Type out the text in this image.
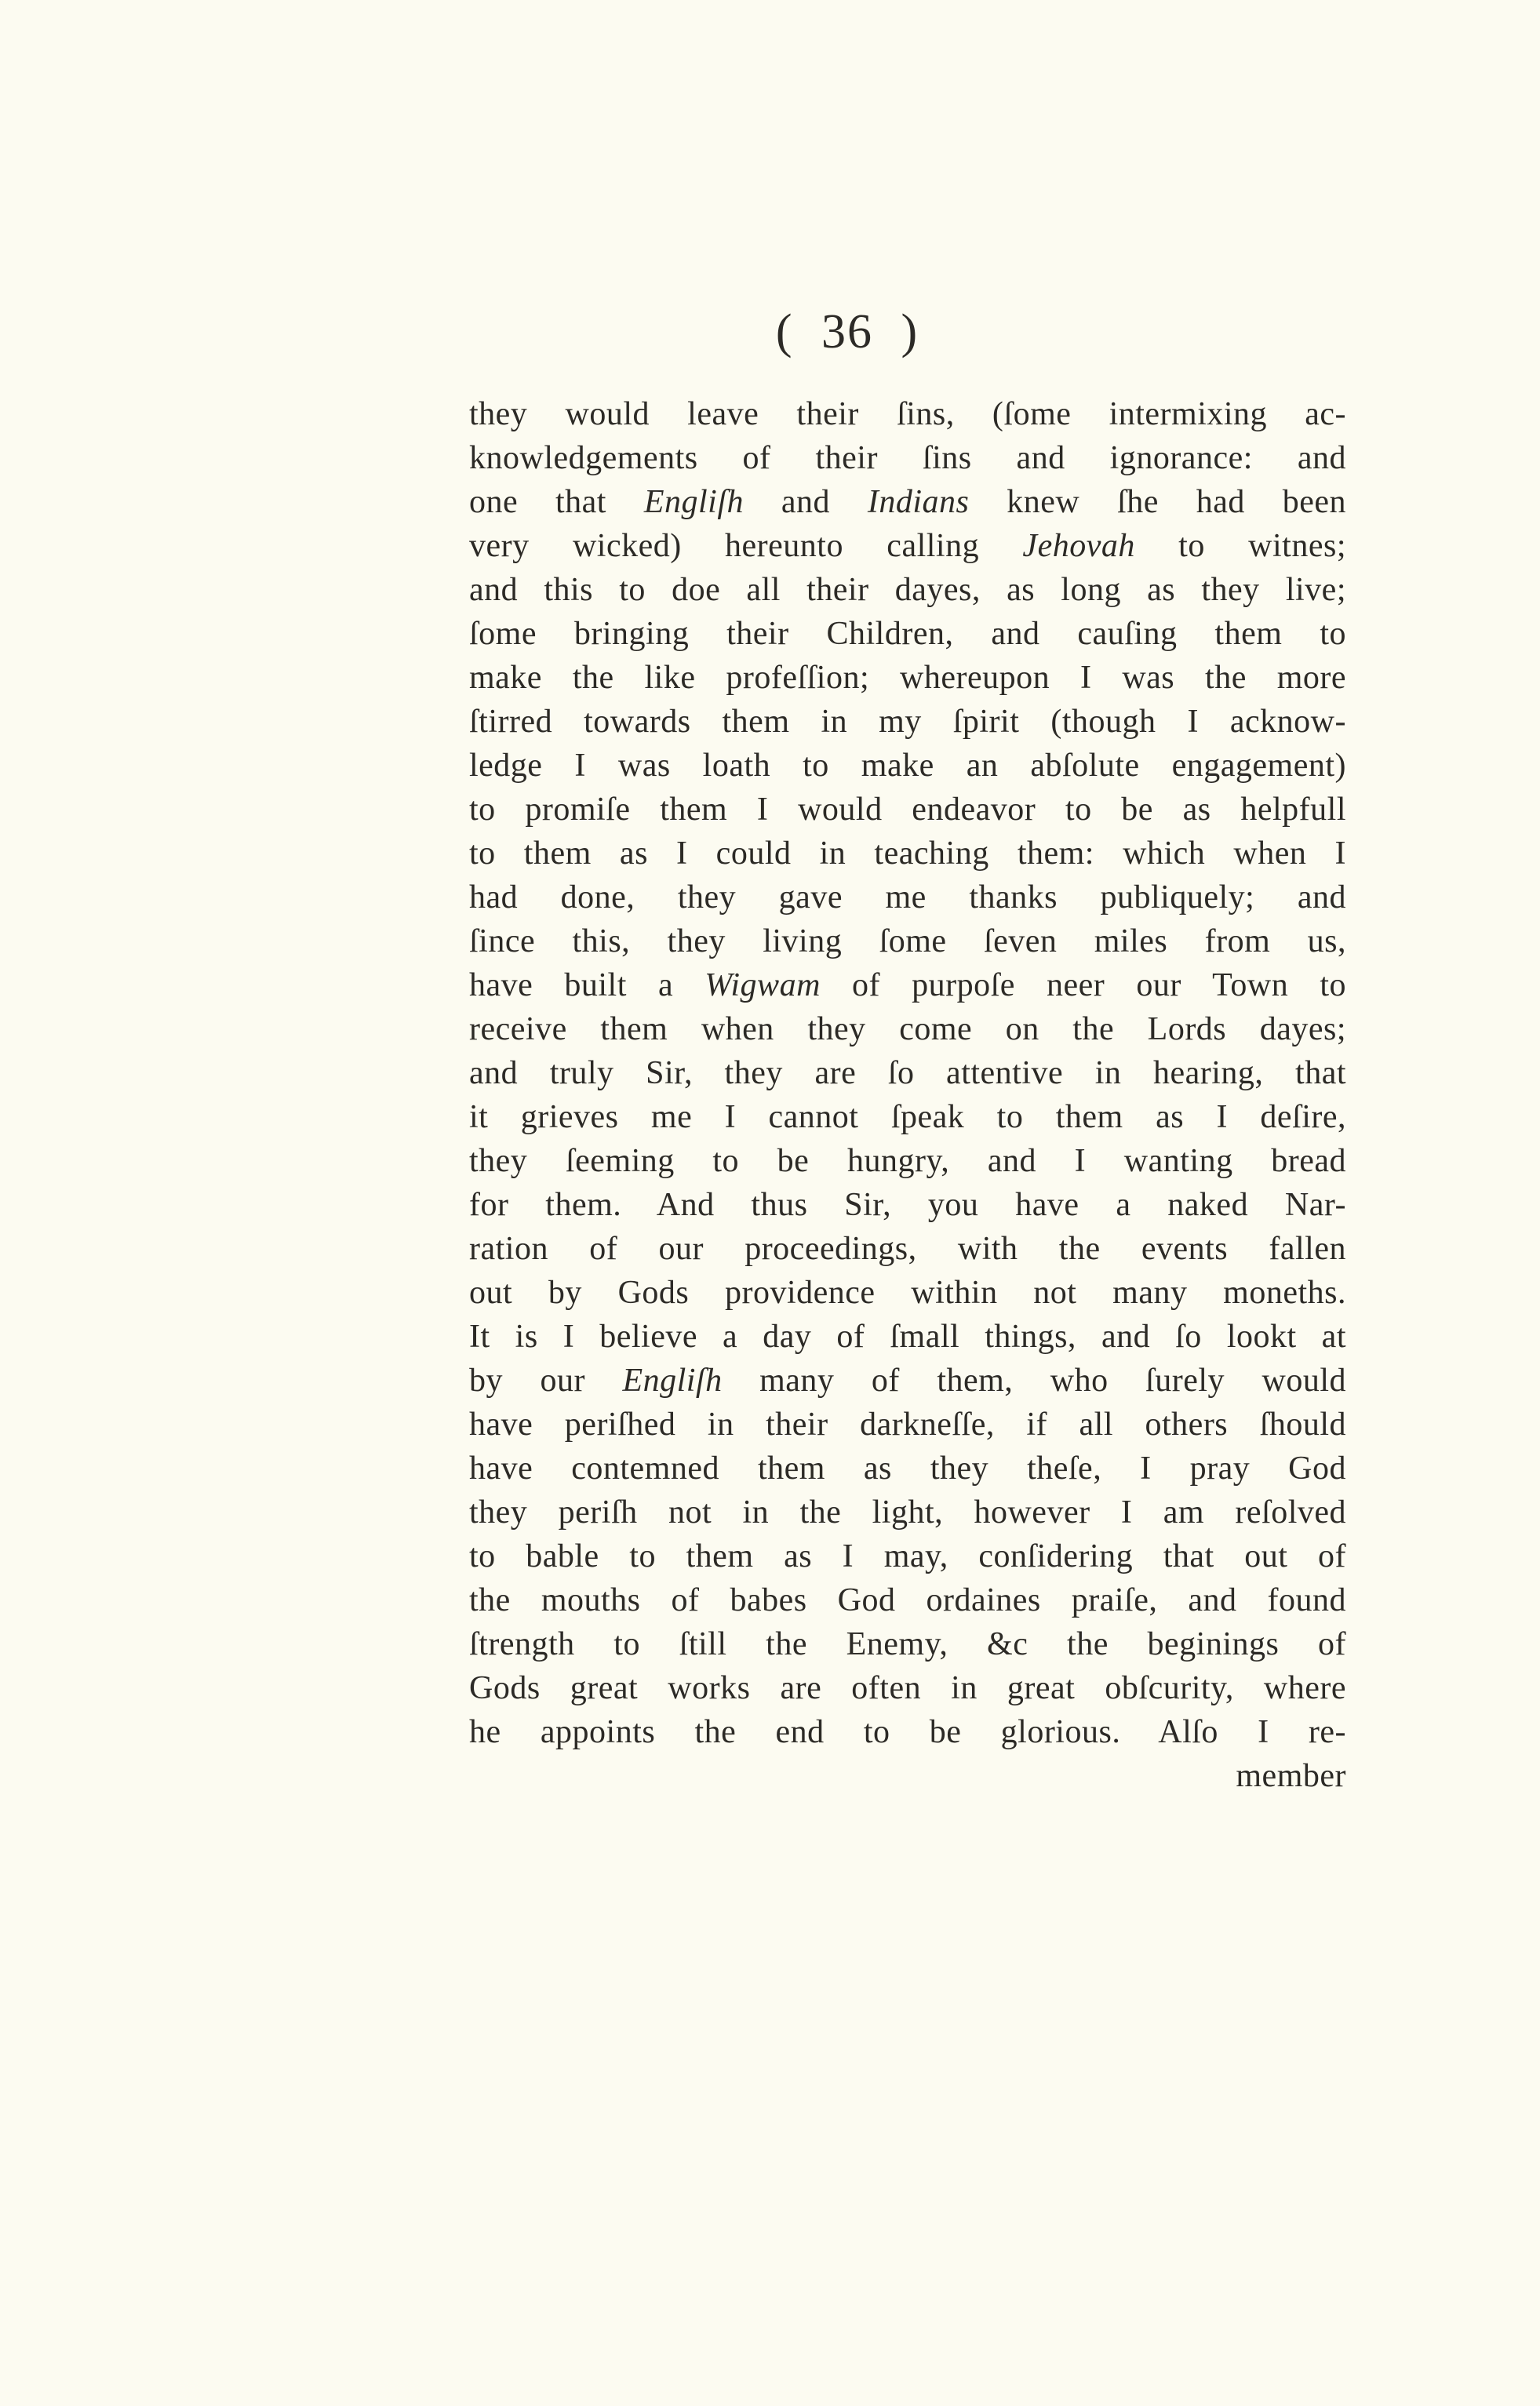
( 36 )
they would leave their ſins, (ſome intermixing ac-
knowledgements of their ſins and ignorance: and
one that Engliſh and Indians knew ſhe had been
very wicked) hereunto calling Jehovah to witnes;
and this to doe all their dayes, as long as they live;
ſome bringing their Children, and cauſing them to
make the like profeſſion; whereupon I was the more
ſtirred towards them in my ſpirit (though I acknow-
ledge I was loath to make an abſolute engagement)
to promiſe them I would endeavor to be as helpfull
to them as I could in teaching them: which when I
had done, they gave me thanks publiquely; and
ſince this, they living ſome ſeven miles from us,
have built a Wigwam of purpoſe neer our Town to
receive them when they come on the Lords dayes;
and truly Sir, they are ſo attentive in hearing, that
it grieves me I cannot ſpeak to them as I deſire,
they ſeeming to be hungry, and I wanting bread
for them. And thus Sir, you have a naked Nar-
ration of our proceedings, with the events fallen
out by Gods providence within not many moneths.
It is I believe a day of ſmall things, and ſo lookt at
by our Engliſh many of them, who ſurely would
have periſhed in their darkneſſe, if all others ſhould
have contemned them as they theſe, I pray God
they periſh not in the light, however I am reſolved
to bable to them as I may, conſidering that out of
the mouths of babes God ordaines praiſe, and found
ſtrength to ſtill the Enemy, &c the beginings of
Gods great works are often in great obſcurity, where
he appoints the end to be glorious. Alſo I re-
member
